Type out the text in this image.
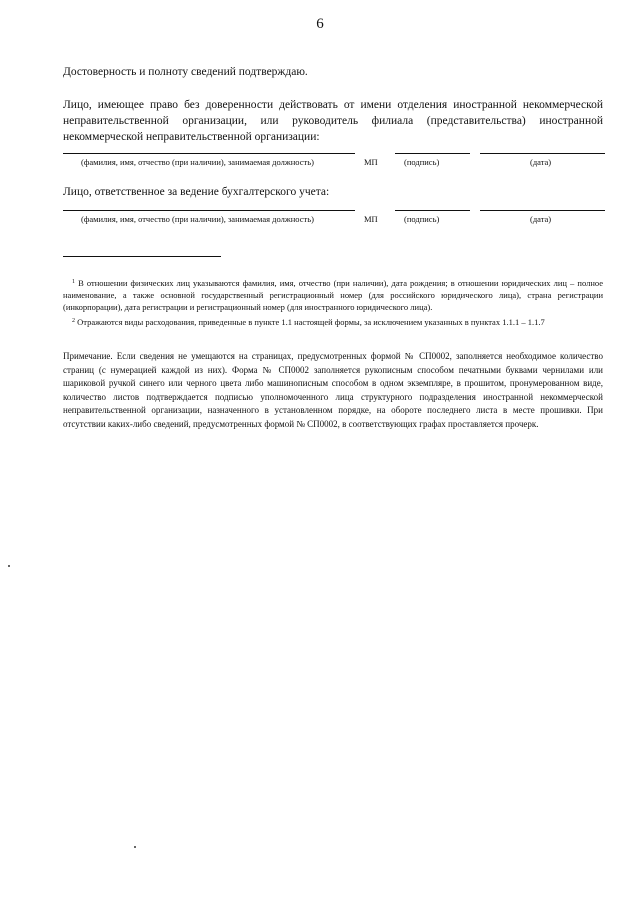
6
Достоверность и полноту сведений подтверждаю.
Лицо, имеющее право без доверенности действовать от имени отделения иностранной некоммерческой неправительственной организации, или руководитель филиала (представительства) иностранной некоммерческой неправительственной организации:
(фамилия, имя, отчество (при наличии), занимаемая должность)	МП	(подпись)	(дата)
Лицо, ответственное за ведение бухгалтерского учета:
(фамилия, имя, отчество (при наличии), занимаемая должность)	МП	(подпись)	(дата)
$^1$ В отношении физических лиц указываются фамилия, имя, отчество (при наличии), дата рождения; в отношении юридических лиц – полное наименование, а также основной государственный регистрационный номер (для российского юридического лица), страна регистрации (инкорпорации), дата регистрации и регистрационный номер (для иностранного юридического лица).
$^2$ Отражаются виды расходования, приведенные в пункте 1.1 настоящей формы, за исключением указанных в пунктах 1.1.1 – 1.1.7
Примечание. Если сведения не умещаются на страницах, предусмотренных формой № СП0002, заполняется необходимое количество страниц (с нумерацией каждой из них). Форма № СП0002 заполняется рукописным способом печатными буквами чернилами или шариковой ручкой синего или черного цвета либо машинописным способом в одном экземпляре, в прошитом, пронумерованном виде, количество листов подтверждается подписью уполномоченного лица структурного подразделения иностранной некоммерческой неправительственной организации, назначенного в установленном порядке, на обороте последнего листа в месте прошивки. При отсутствии каких-либо сведений, предусмотренных формой № СП0002, в соответствующих графах проставляется прочерк.
